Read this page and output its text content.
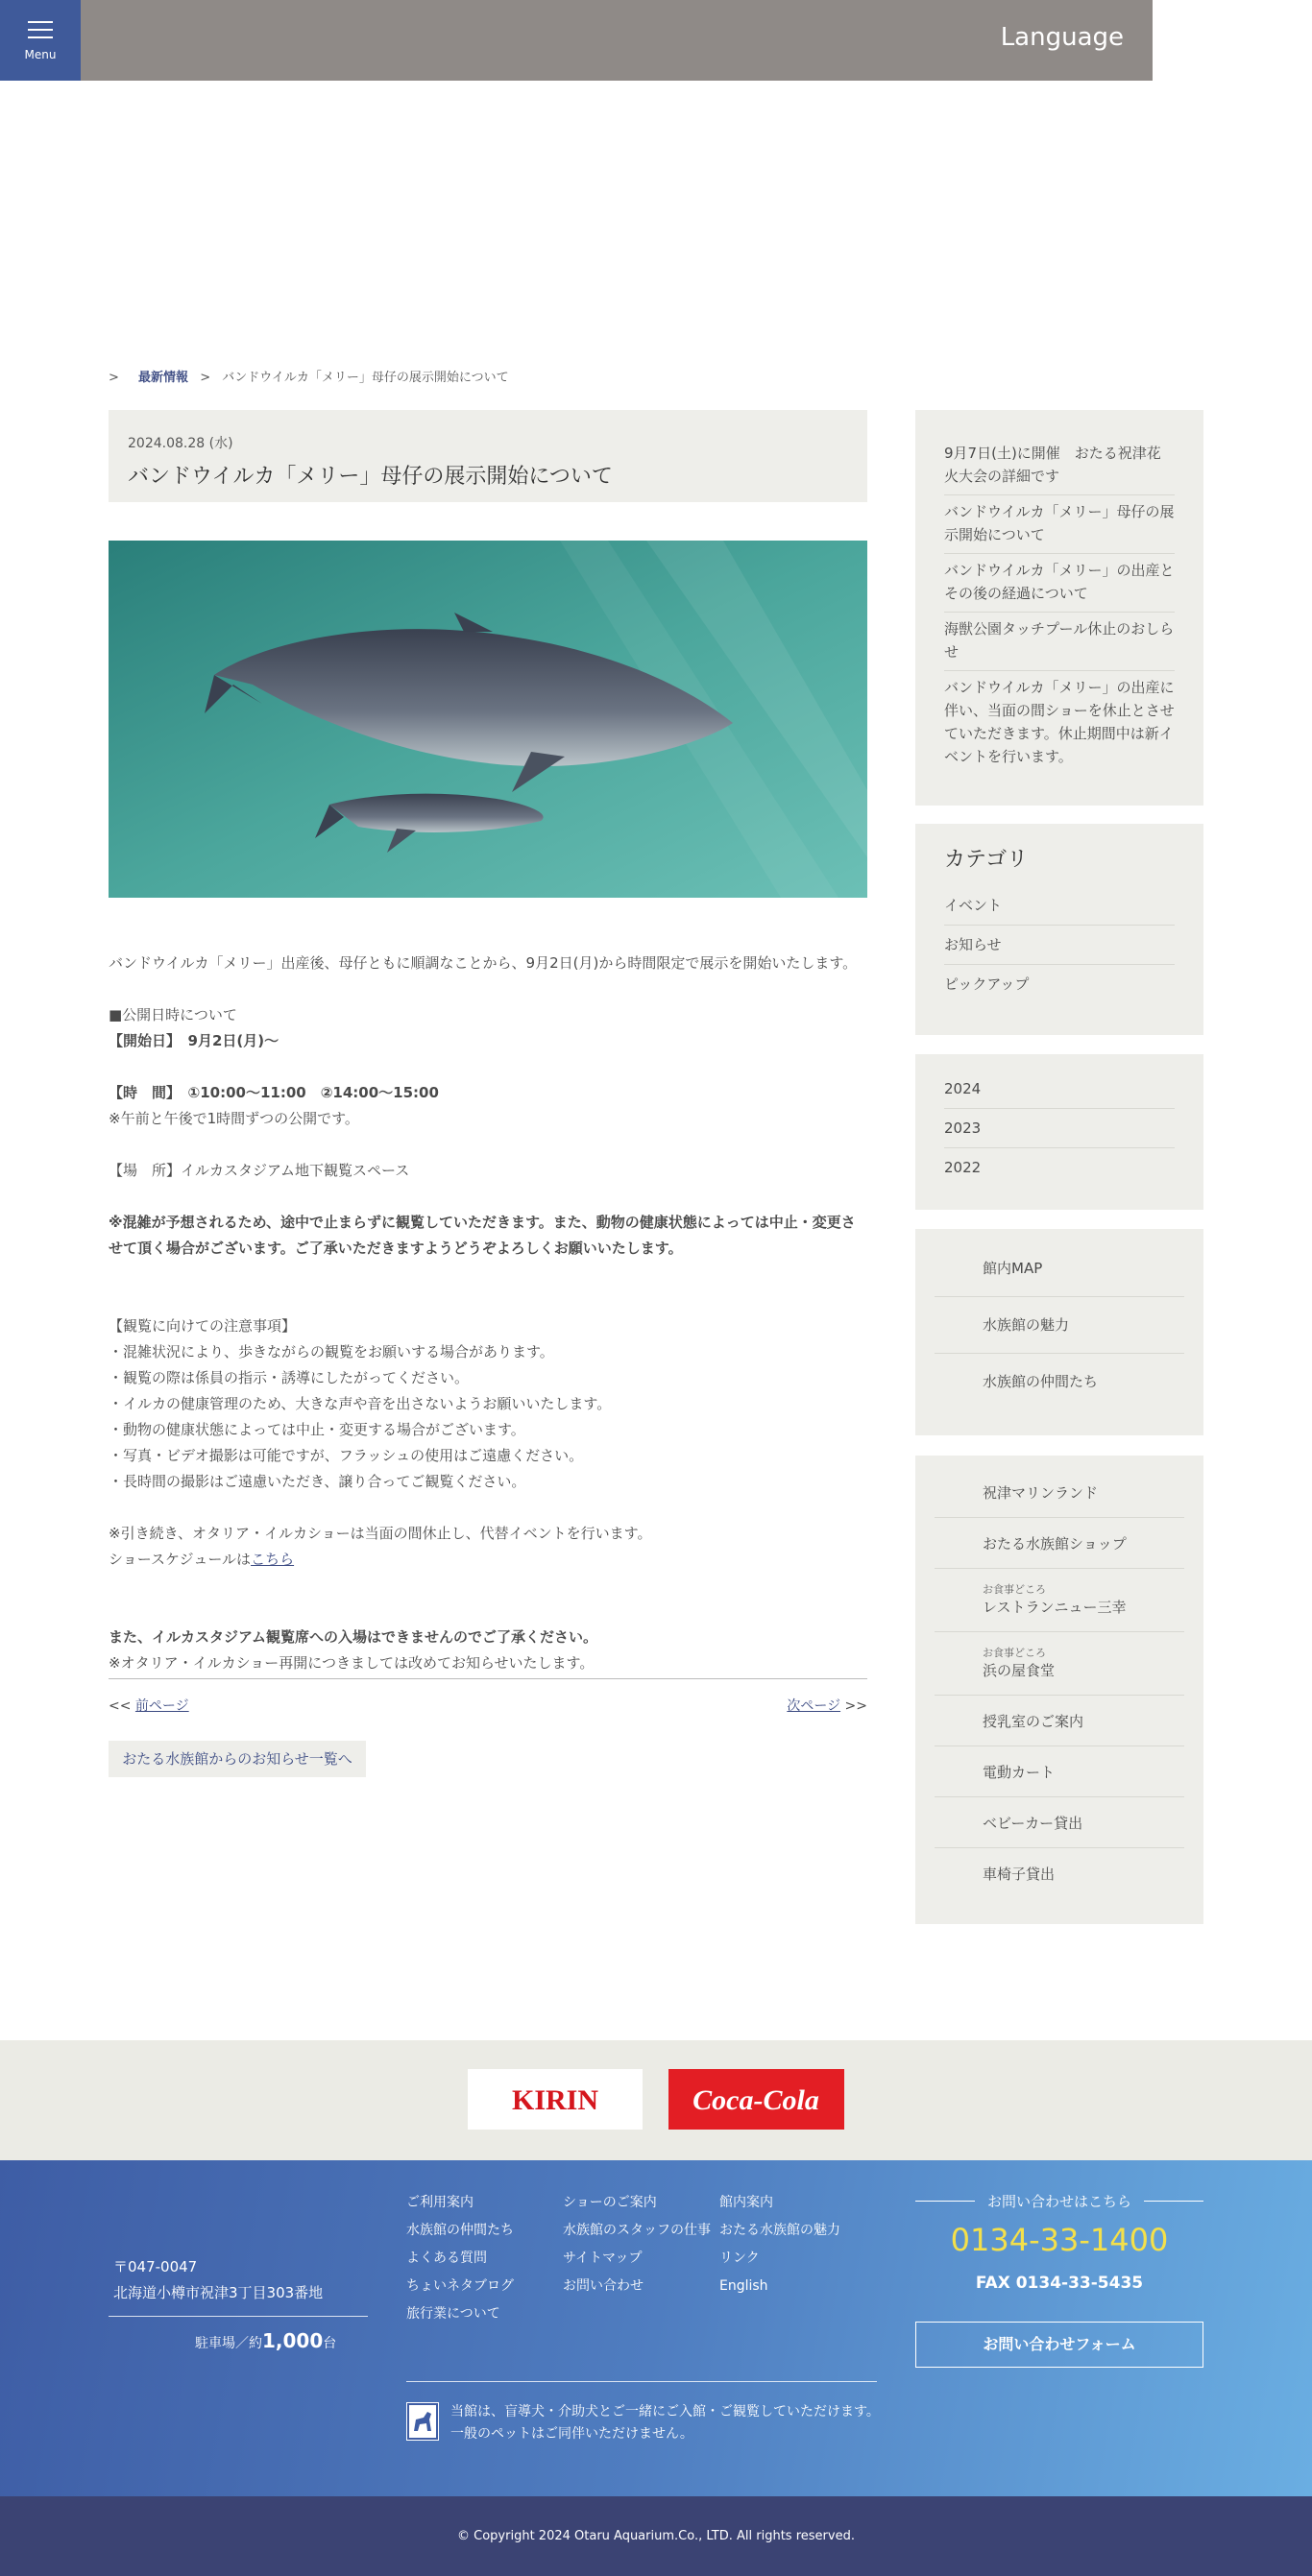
Menu
Language
> 最新情報 > バンドウイルカ「メリー」母仔の展示開始について
2024.08.28 (水)
バンドウイルカ「メリー」母仔の展示開始について

バンドウイルカ「メリー」出産後、母仔ともに順調なことから、9月2日(月)から時間限定で展示を開始いたします。

■公開日時について

【開始日】　9月2日(月)〜

【時　間】　①10:00〜11:00　②14:00〜15:00

※午前と午後で1時間ずつの公開です。

【場　所】イルカスタジアム地下観覧スペース

※混雑が予想されるため、途中で止まらずに観覧していただきます。また、動物の健康状態によっては中止・変更させて頂く場合がございます。ご了承いただきますようどうぞよろしくお願いいたします。

【観覧に向けての注意事項】

・混雑状況により、歩きながらの観覧をお願いする場合があります。

・観覧の際は係員の指示・誘導にしたがってください。

・イルカの健康管理のため、大きな声や音を出さないようお願いいたします。

・動物の健康状態によっては中止・変更する場合がございます。

・写真・ビデオ撮影は可能ですが、フラッシュの使用はご遠慮ください。

・長時間の撮影はご遠慮いただき、譲り合ってご観覧ください。

※引き続き、オタリア・イルカショーは当面の間休止し、代替イベントを行います。

ショースケジュールはこちら

また、イルカスタジアム観覧席への入場はできませんのでご了承ください。

※オタリア・イルカショー再開につきましては改めてお知らせいたします。

<< 前ページ	次ページ >>
おたる水族館からのお知らせ一覧へ
9月7日(土)に開催　おたる祝津花火大会の詳細です
バンドウイルカ「メリー」母仔の展示開始について
バンドウイルカ「メリー」の出産とその後の経過について
海獣公園タッチプール休止のおしらせ
バンドウイルカ「メリー」の出産に伴い、当面の間ショーを休止とさせていただきます。休止期間中は新イベントを行います。
カテゴリ
イベント
お知らせ
ピックアップ
2024
2023
2022
館内MAP
水族館の魅力
水族館の仲間たち
祝津マリンランド
おたる水族館ショップ
お食事どころ
レストランニュー三幸
お食事どころ
浜の屋食堂
授乳室のご案内
電動カート
ベビーカー貸出
車椅子貸出
KIRIN	Coca-Cola
〒047-0047
北海道小樽市祝津3丁目303番地
駐車場／約1,000台
ご利用案内
水族館の仲間たち
よくある質問
ちょいネタブログ
旅行業について
ショーのご案内
水族館のスタッフの仕事
サイトマップ
お問い合わせ
館内案内
おたる水族館の魅力
リンク
English
当館は、盲導犬・介助犬とご一緒にご入館・ご観覧していただけます。
一般のペットはご同伴いただけません。
お問い合わせはこちら
0134-33-1400
FAX 0134-33-5435
お問い合わせフォーム
© Copyright 2024 Otaru Aquarium.Co., LTD. All rights reserved.
